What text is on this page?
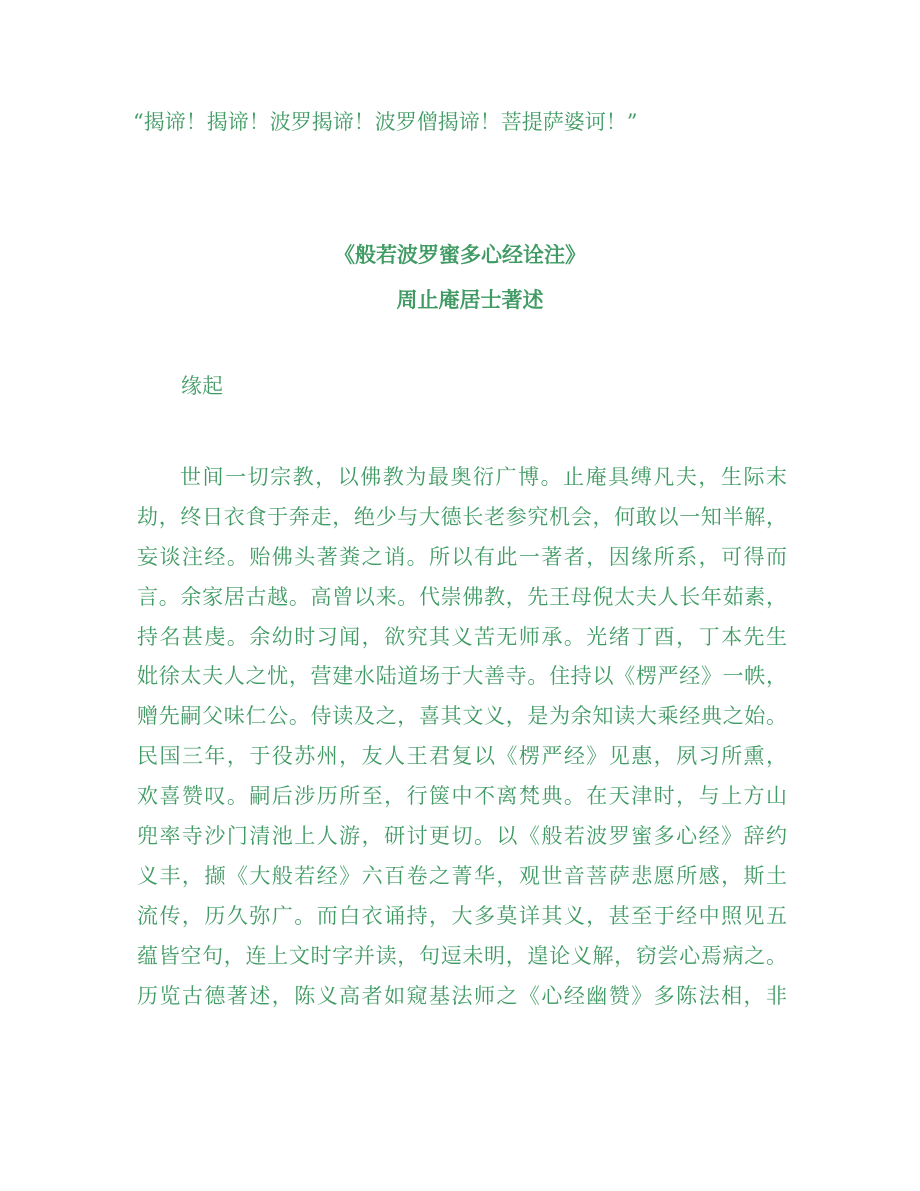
“揭谛！揭谛！波罗揭谛！波罗僧揭谛！菩提萨婆诃！”
《般若波罗蜜多心经诠注》
周止庵居士著述
缘起
世间一切宗教，以佛教为最奥衍广博。止庵具缚凡夫，生际末
劫，终日衣食于奔走，绝少与大德长老参究机会，何敢以一知半解，
妄谈注经。贻佛头著粪之诮。所以有此一著者，因缘所系，可得而
言。余家居古越。高曾以来。代崇佛教，先王母倪太夫人长年茹素，
持名甚虔。余幼时习闻，欲究其义苦无师承。光绪丁酉，丁本先生
妣徐太夫人之忧，营建水陆道场于大善寺。住持以《楞严经》一帙，
赠先嗣父味仁公。侍读及之，喜其文义，是为余知读大乘经典之始。
民国三年，于役苏州，友人王君复以《楞严经》见惠，夙习所熏，
欢喜赞叹。嗣后涉历所至，行箧中不离梵典。在天津时，与上方山
兜率寺沙门清池上人游，研讨更切。以《般若波罗蜜多心经》辞约
义丰，撷《大般若经》六百卷之菁华，观世音菩萨悲愿所感，斯土
流传，历久弥广。而白衣诵持，大多莫详其义，甚至于经中照见五
蕴皆空句，连上文时字并读，句逗未明，遑论义解，窃尝心焉病之。
历览古德著述，陈义高者如窥基法师之《心经幽赞》多陈法相，非
